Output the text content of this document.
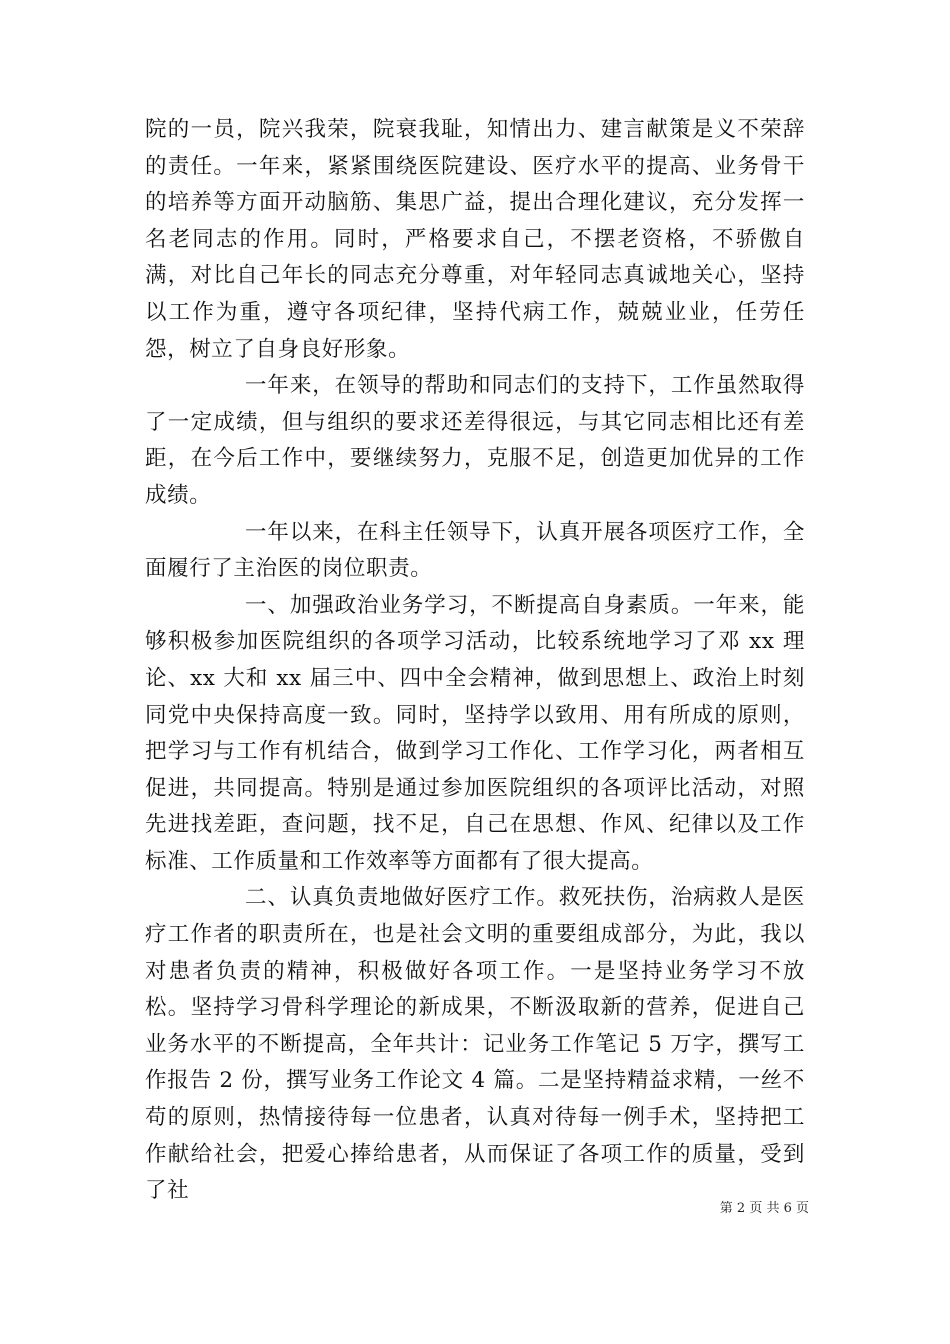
院的一员，院兴我荣，院衰我耻，知情出力、建言献策是义不荣辞的责任。一年来，紧紧围绕医院建设、医疗水平的提高、业务骨干的培养等方面开动脑筋、集思广益，提出合理化建议，充分发挥一名老同志的作用。同时，严格要求自己，不摆老资格，不骄傲自满，对比自己年长的同志充分尊重，对年轻同志真诚地关心，坚持以工作为重，遵守各项纪律，坚持代病工作，兢兢业业，任劳任怨，树立了自身良好形象。

一年来，在领导的帮助和同志们的支持下，工作虽然取得了一定成绩，但与组织的要求还差得很远，与其它同志相比还有差距，在今后工作中，要继续努力，克服不足，创造更加优异的工作成绩。

一年以来，在科主任领导下，认真开展各项医疗工作，全面履行了主治医的岗位职责。

一、加强政治业务学习，不断提高自身素质。一年来，能够积极参加医院组织的各项学习活动，比较系统地学习了邓 xx 理论、xx 大和 xx 届三中、四中全会精神，做到思想上、政治上时刻同党中央保持高度一致。同时，坚持学以致用、用有所成的原则，把学习与工作有机结合，做到学习工作化、工作学习化，两者相互促进，共同提高。特别是通过参加医院组织的各项评比活动，对照先进找差距，查问题，找不足，自己在思想、作风、纪律以及工作标准、工作质量和工作效率等方面都有了很大提高。

二、认真负责地做好医疗工作。救死扶伤，治病救人是医疗工作者的职责所在，也是社会文明的重要组成部分，为此，我以对患者负责的精神，积极做好各项工作。一是坚持业务学习不放松。坚持学习骨科学理论的新成果，不断汲取新的营养，促进自己业务水平的不断提高，全年共计：记业务工作笔记 5 万字，撰写工作报告 2 份，撰写业务工作论文 4 篇。二是坚持精益求精，一丝不苟的原则，热情接待每一位患者，认真对待每一例手术，坚持把工作献给社会，把爱心捧给患者，从而保证了各项工作的质量，受到了社

第 2 页 共 6 页
